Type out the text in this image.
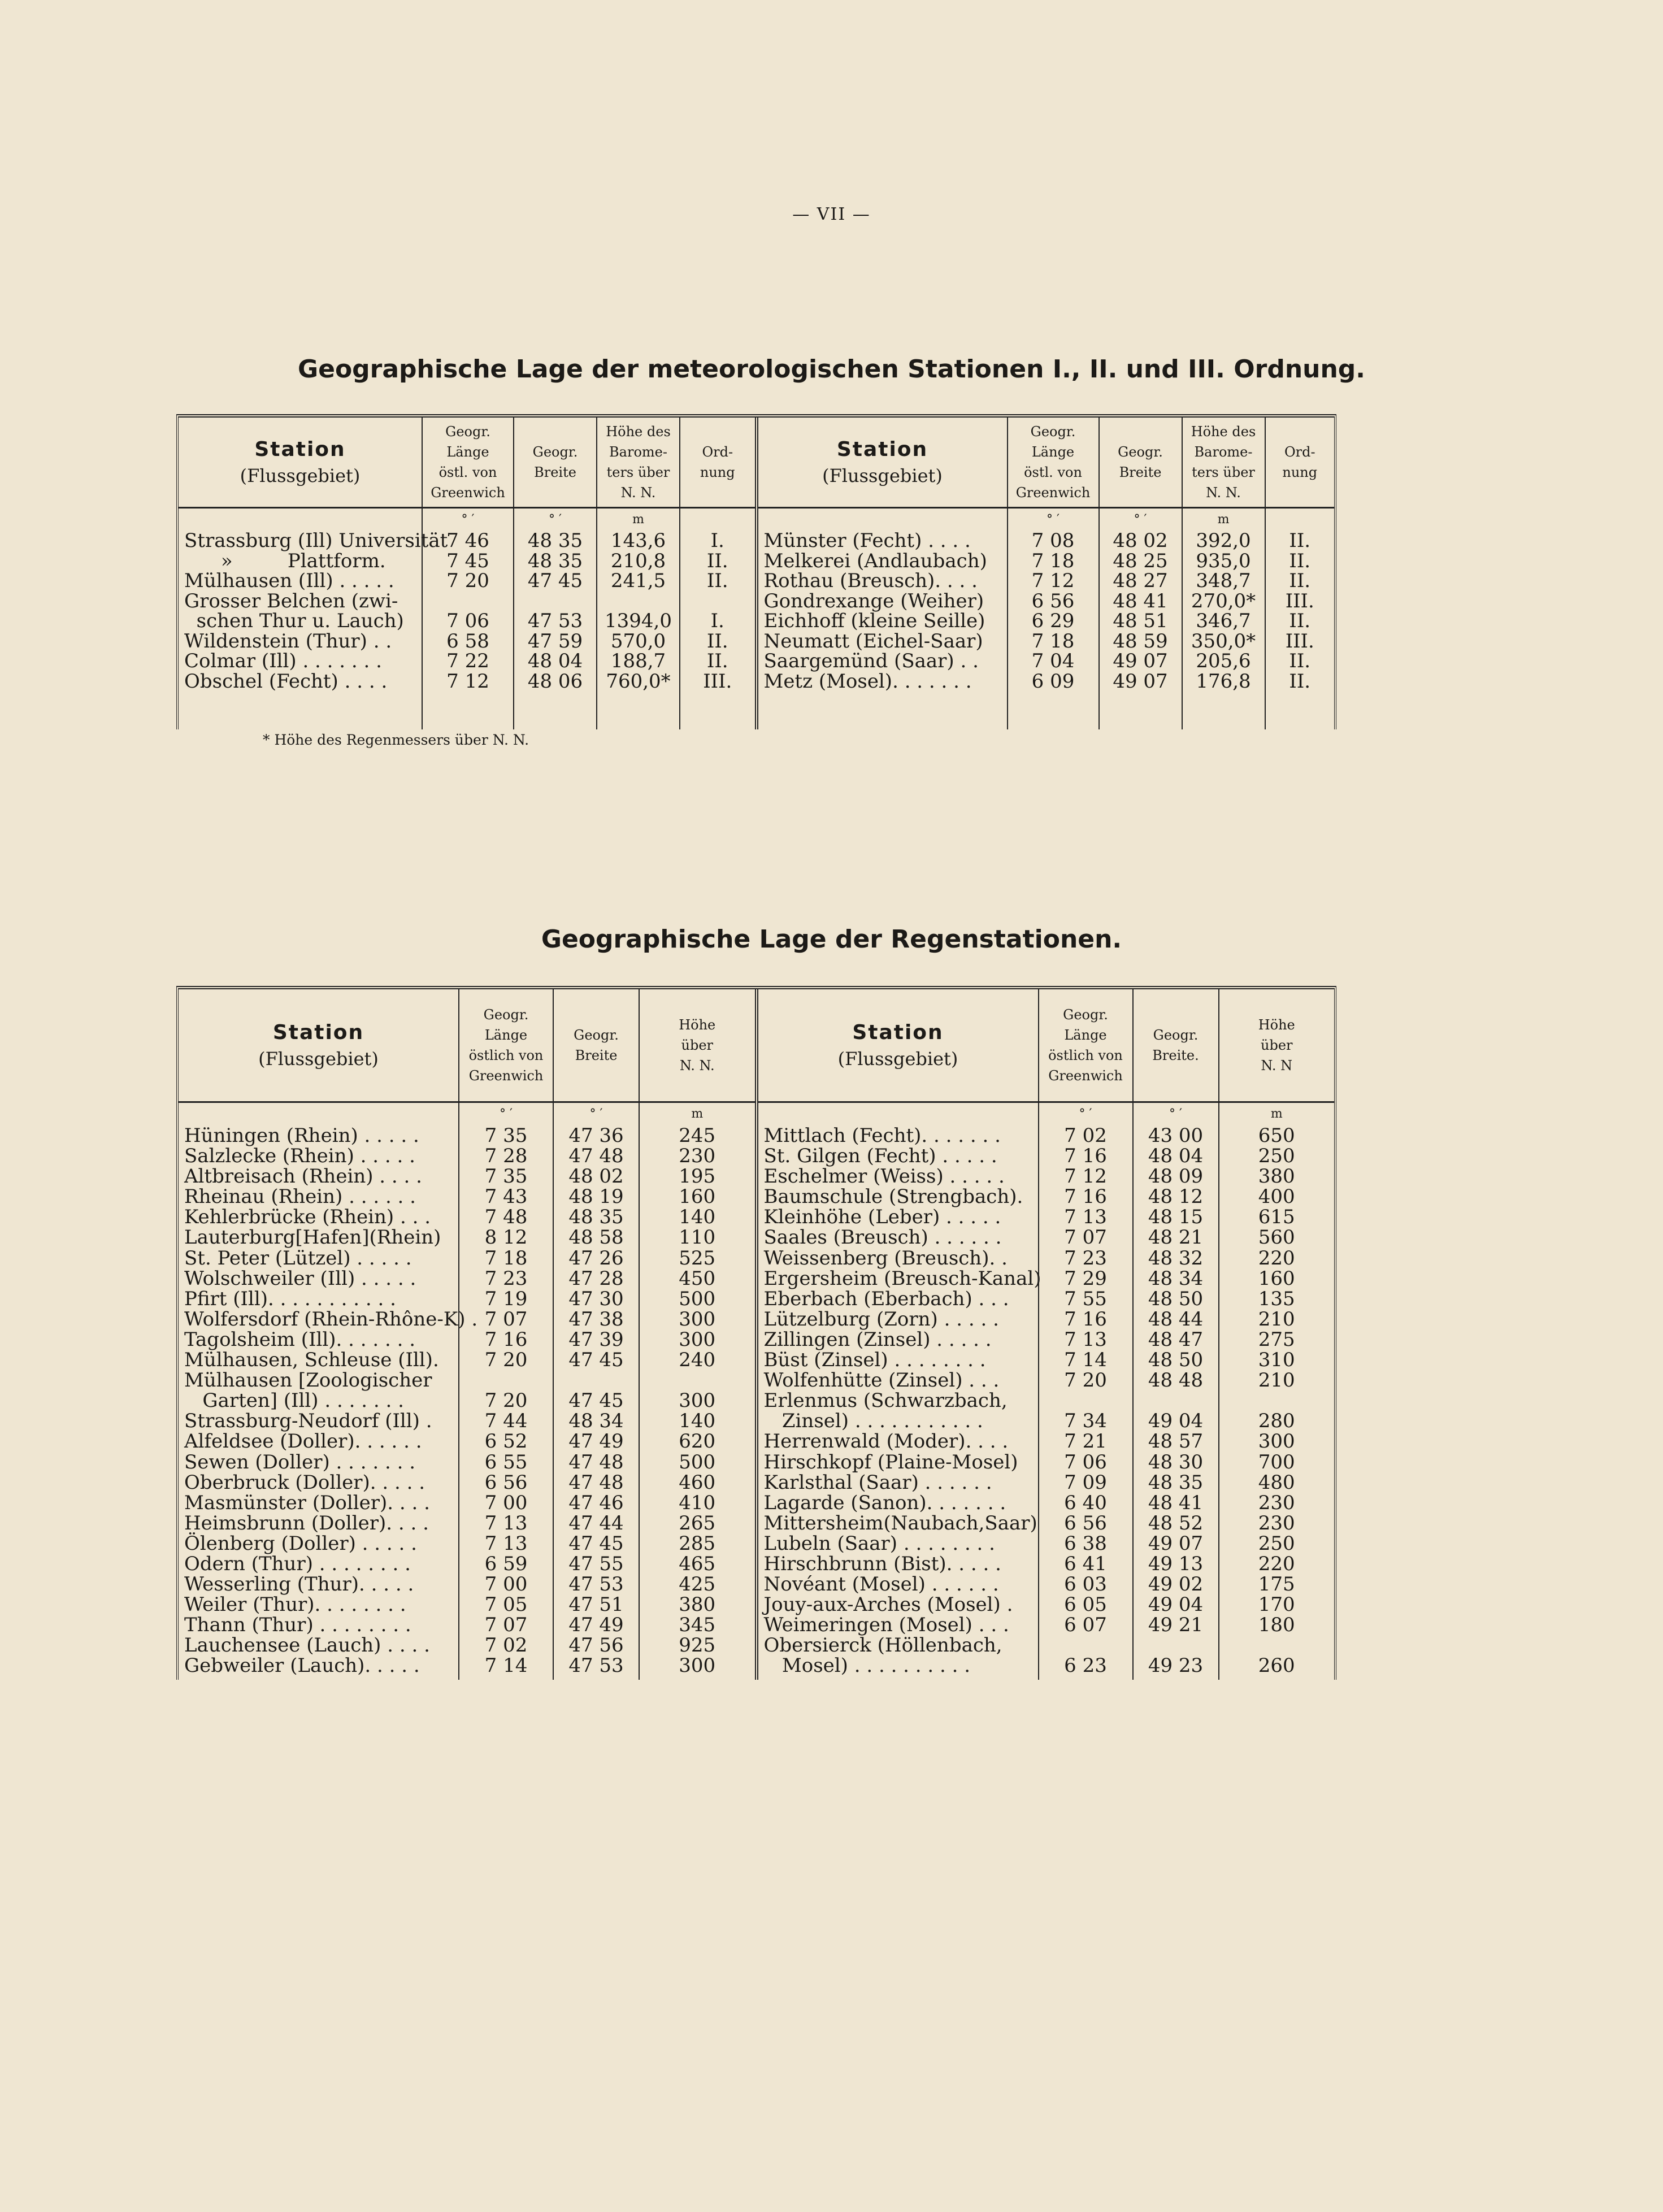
— VII —
Geographische Lage der meteorologischen Stationen I., II. und III. Ordnung.
Station
(Flussgebiet)
Strassburg (Ill) Universität
»         Plattform.
Mülhausen (Ill) . . . . .
Grosser Belchen (zwi-
schen Thur u. Lauch)
Wildenstein (Thur) . .
Colmar (Ill) . . . . . . .
Obschel (Fecht) . . . .
Geogr.
Länge
östl. von
Greenwich
° ′
7 46
7 45
7 20
7 06
6 58
7 22
7 12
Geogr.
Breite
° ′
48 35
48 35
47 45
47 53
47 59
48 04
48 06
Höhe des
Barome-
ters über
N. N.
m
143,6
210,8
241,5
1394,0
570,0
188,7
760,0*
Ord-
nung
I.
II.
II.
I.
II.
II.
III.
Station
(Flussgebiet)
Münster (Fecht) . . . .
Melkerei (Andlaubach)
Rothau (Breusch). . . .
Gondrexange (Weiher)
Eichhoff (kleine Seille)
Neumatt (Eichel-Saar)
Saargemünd (Saar) . .
Metz (Mosel). . . . . . .
Geogr.
Länge
östl. von
Greenwich
° ′
7 08
7 18
7 12
6 56
6 29
7 18
7 04
6 09
Geogr.
Breite
° ′
48 02
48 25
48 27
48 41
48 51
48 59
49 07
49 07
Höhe des
Barome-
ters über
N. N.
m
392,0
935,0
348,7
270,0*
346,7
350,0*
205,6
176,8
Ord-
nung
II.
II.
II.
III.
II.
III.
II.
II.
* Höhe des Regenmessers über N. N.
Geographische Lage der Regenstationen.
Station
(Flussgebiet)
Hüningen (Rhein) . . . . .
Salzlecke (Rhein) . . . . .
Altbreisach (Rhein) . . . .
Rheinau (Rhein) . . . . . .
Kehlerbrücke (Rhein) . . .
Lauterburg[Hafen](Rhein)
St. Peter (Lützel) . . . . .
Wolschweiler (Ill) . . . . .
Pfirt (Ill). . . . . . . . . . .
Wolfersdorf (Rhein-Rhône-K) .
Tagolsheim (Ill). . . . . . .
Mülhausen, Schleuse (Ill).
Mülhausen [Zoologischer
Garten] (Ill) . . . . . . .
Strassburg-Neudorf (Ill) .
Alfeldsee (Doller). . . . . .
Sewen (Doller) . . . . . . .
Oberbruck (Doller). . . . .
Masmünster (Doller). . . .
Heimsbrunn (Doller). . . .
Ölenberg (Doller) . . . . .
Odern (Thur) . . . . . . . .
Wesserling (Thur). . . . .
Weiler (Thur). . . . . . . .
Thann (Thur) . . . . . . . .
Lauchensee (Lauch) . . . .
Gebweiler (Lauch). . . . .
Geogr.
Länge
östlich von
Greenwich
° ′
7 35
7 28
7 35
7 43
7 48
8 12
7 18
7 23
7 19
7 07
7 16
7 20
7 20
7 44
6 52
6 55
6 56
7 00
7 13
7 13
6 59
7 00
7 05
7 07
7 02
7 14
Geogr.
Breite
° ′
47 36
47 48
48 02
48 19
48 35
48 58
47 26
47 28
47 30
47 38
47 39
47 45
47 45
48 34
47 49
47 48
47 48
47 46
47 44
47 45
47 55
47 53
47 51
47 49
47 56
47 53
Höhe
über
N. N.
m
245
230
195
160
140
110
525
450
500
300
300
240
300
140
620
500
460
410
265
285
465
425
380
345
925
300
Station
(Flussgebiet)
Mittlach (Fecht). . . . . . .
St. Gilgen (Fecht) . . . . .
Eschelmer (Weiss) . . . . .
Baumschule (Strengbach).
Kleinhöhe (Leber) . . . . .
Saales (Breusch) . . . . . .
Weissenberg (Breusch). .
Ergersheim (Breusch-Kanal)
Eberbach (Eberbach) . . .
Lützelburg (Zorn) . . . . .
Zillingen (Zinsel) . . . . .
Büst (Zinsel) . . . . . . . .
Wolfenhütte (Zinsel) . . .
Erlenmus (Schwarzbach,
Zinsel) . . . . . . . . . . .
Herrenwald (Moder). . . .
Hirschkopf (Plaine-Mosel)
Karlsthal (Saar) . . . . . .
Lagarde (Sanon). . . . . . .
Mittersheim(Naubach,Saar)
Lubeln (Saar) . . . . . . . .
Hirschbrunn (Bist). . . . .
Novéant (Mosel) . . . . . .
Jouy-aux-Arches (Mosel) .
Weimeringen (Mosel) . . .
Obersierck (Höllenbach,
Mosel) . . . . . . . . . .
Geogr.
Länge
östlich von
Greenwich
° ′
7 02
7 16
7 12
7 16
7 13
7 07
7 23
7 29
7 55
7 16
7 13
7 14
7 20
7 34
7 21
7 06
7 09
6 40
6 56
6 38
6 41
6 03
6 05
6 07
6 23
Geogr.
Breite.
° ′
43 00
48 04
48 09
48 12
48 15
48 21
48 32
48 34
48 50
48 44
48 47
48 50
48 48
49 04
48 57
48 30
48 35
48 41
48 52
49 07
49 13
49 02
49 04
49 21
49 23
Höhe
über
N. N
m
650
250
380
400
615
560
220
160
135
210
275
310
210
280
300
700
480
230
230
250
220
175
170
180
260
